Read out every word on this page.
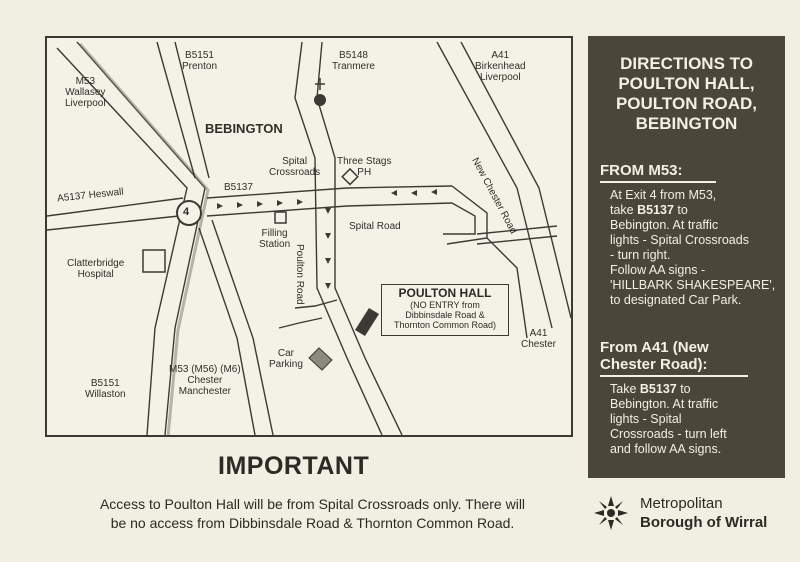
M53
Wallasey
Liverpool
B5151
Prenton
B5148
Tranmere
A41
Birkenhead
Liverpool
BEBINGTON
Spital
Crossroads
Three Stags
PH	New Chester Road
A5137 Heswall	B5137
4
Filling
Station
Spital Road
Poulton Road
Clatterbridge
Hospital
A41
Chester
Car
Parking
M53 (M56) (M6)
Chester
Manchester
B5151
Willaston
POULTON HALL
(NO ENTRY from
Dibbinsdale Road &
Thornton Common Road)
DIRECTIONS TO
POULTON HALL,
POULTON ROAD,
BEBINGTON
FROM M53:
At Exit 4 from M53,
take B5137 to
Bebington. At traffic
lights - Spital Crossroads
- turn right.
Follow AA signs -
'HILLBARK SHAKESPEARE',
to designated Car Park.
From A41 (New
Chester Road):
Take B5137 to
Bebington. At traffic
lights - Spital
Crossroads - turn left
and follow AA signs.
IMPORTANT
Access to Poulton Hall will be from Spital Crossroads only. There will
be no access from Dibbinsdale Road & Thornton Common Road.
Metropolitan
Borough of Wirral
